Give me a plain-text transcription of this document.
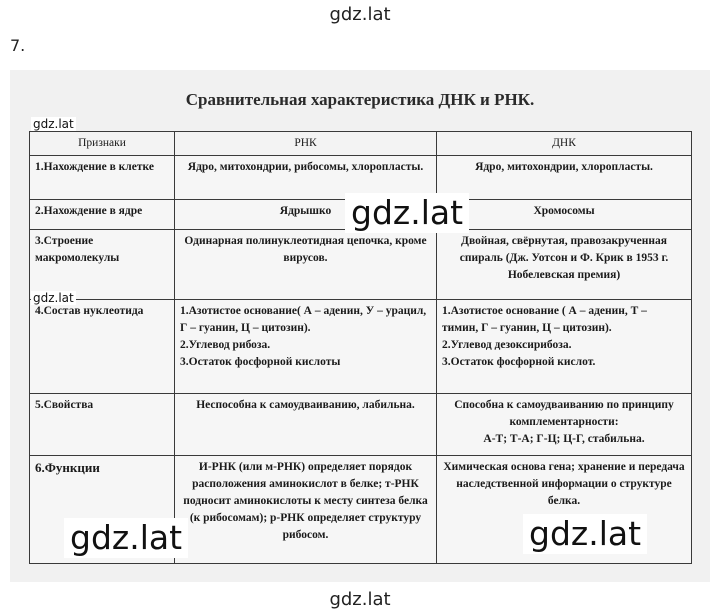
gdz.lat
7.
Сравнительная характеристика ДНК и РНК.
Признаки	РНК	ДНК
1.Нахождение в клетке	Ядро, митохондрии, рибосомы, хлоропласты.	Ядро, митохондрии, хлоропласты.

2.Нахождение в ядре	Ядрышко	Хромосомы

3.Строение макромолекулы	Одинарная полинуклеотидная цепочка, кроме вирусов.	Двойная, свёрнутая, правозакрученная спираль (Дж. Уотсон и Ф. Крик в 1953 г. Нобелевская премия)

4.Состав нуклеотида	1.Азотистое основание( А – аденин, У – урацил, Г – гуанин, Ц – цитозин).
2.Углевод рибоза.
3.Остаток фосфорной кислоты	1.Азотистое основание ( А – аденин, Т – тимин, Г – гуанин, Ц – цитозин).
2.Углевод дезоксирибоза.
3.Остаток фосфорной кислот.

5.Свойства	Неспособна к самоудваиванию, лабильна.	Способна к самоудваиванию по принципу комплементарности:
А-Т; Т-А; Г-Ц; Ц-Г, стабильна.

6.Функции	И-РНК (или м-РНК) определяет порядок расположения аминокислот в белке; т-РНК подносит аминокислоты к месту синтеза белка (к рибосомам); р-РНК определяет структуру рибосом.	Химическая основа гена; хранение и передача наследственной информации о структуре белка.
gdz.lat
gdz.lat
gdz.lat
gdz.lat	gdz.lat
gdz.lat
